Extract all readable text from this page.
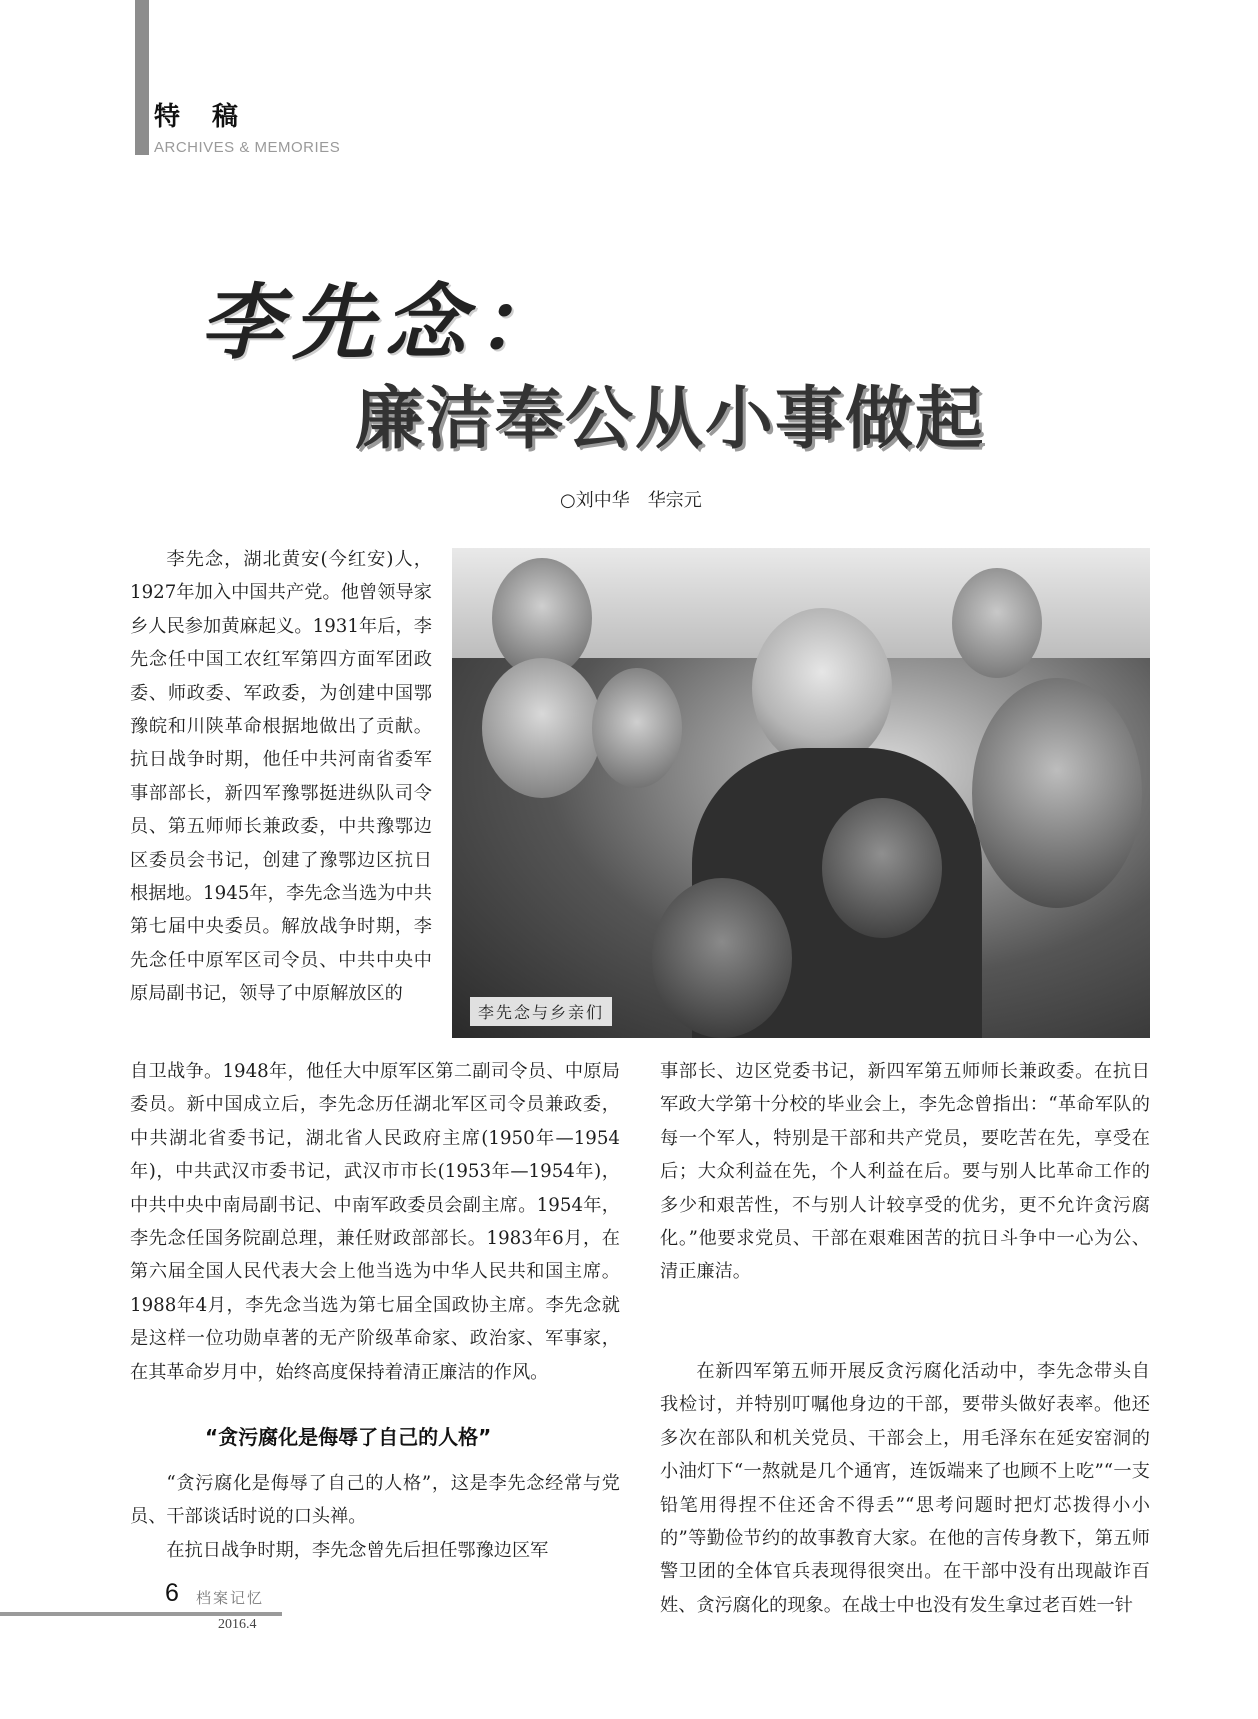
特稿
ARCHIVES & MEMORIES
李先念：
廉洁奉公从小事做起
○刘中华　华宗元
李先念与乡亲们

李先念，湖北黄安(今红安)人，1927年加入中国共产党。他曾领导家乡人民参加黄麻起义。1931年后，李先念任中国工农红军第四方面军团政委、师政委、军政委，为创建中国鄂豫皖和川陕革命根据地做出了贡献。抗日战争时期，他任中共河南省委军事部部长，新四军豫鄂挺进纵队司令员、第五师师长兼政委，中共豫鄂边区委员会书记，创建了豫鄂边区抗日根据地。1945年，李先念当选为中共第七届中央委员。解放战争时期，李先念任中原军区司令员、中共中央中原局副书记，领导了中原解放区的

自卫战争。1948年，他任大中原军区第二副司令员、中原局委员。新中国成立后，李先念历任湖北军区司令员兼政委，中共湖北省委书记，湖北省人民政府主席(1950年—1954年)，中共武汉市委书记，武汉市市长(1953年—1954年)，中共中央中南局副书记、中南军政委员会副主席。1954年，李先念任国务院副总理，兼任财政部部长。1983年6月，在第六届全国人民代表大会上他当选为中华人民共和国主席。1988年4月，李先念当选为第七届全国政协主席。李先念就是这样一位功勋卓著的无产阶级革命家、政治家、军事家，在其革命岁月中，始终高度保持着清正廉洁的作风。

“贪污腐化是侮辱了自己的人格”

“贪污腐化是侮辱了自己的人格”，这是李先念经常与党员、干部谈话时说的口头禅。

在抗日战争时期，李先念曾先后担任鄂豫边区军

事部长、边区党委书记，新四军第五师师长兼政委。在抗日军政大学第十分校的毕业会上，李先念曾指出：“革命军队的每一个军人，特别是干部和共产党员，要吃苦在先，享受在后；大众利益在先，个人利益在后。要与别人比革命工作的多少和艰苦性，不与别人计较享受的优劣，更不允许贪污腐化。”他要求党员、干部在艰难困苦的抗日斗争中一心为公、清正廉洁。

在新四军第五师开展反贪污腐化活动中，李先念带头自我检讨，并特别叮嘱他身边的干部，要带头做好表率。他还多次在部队和机关党员、干部会上，用毛泽东在延安窑洞的小油灯下“一熬就是几个通宵，连饭端来了也顾不上吃”“一支铅笔用得捏不住还舍不得丢”“思考问题时把灯芯拨得小小的”等勤俭节约的故事教育大家。在他的言传身教下，第五师警卫团的全体官兵表现得很突出。在干部中没有出现敲诈百姓、贪污腐化的现象。在战士中也没有发生拿过老百姓一针

6 档案记忆
2016.4
